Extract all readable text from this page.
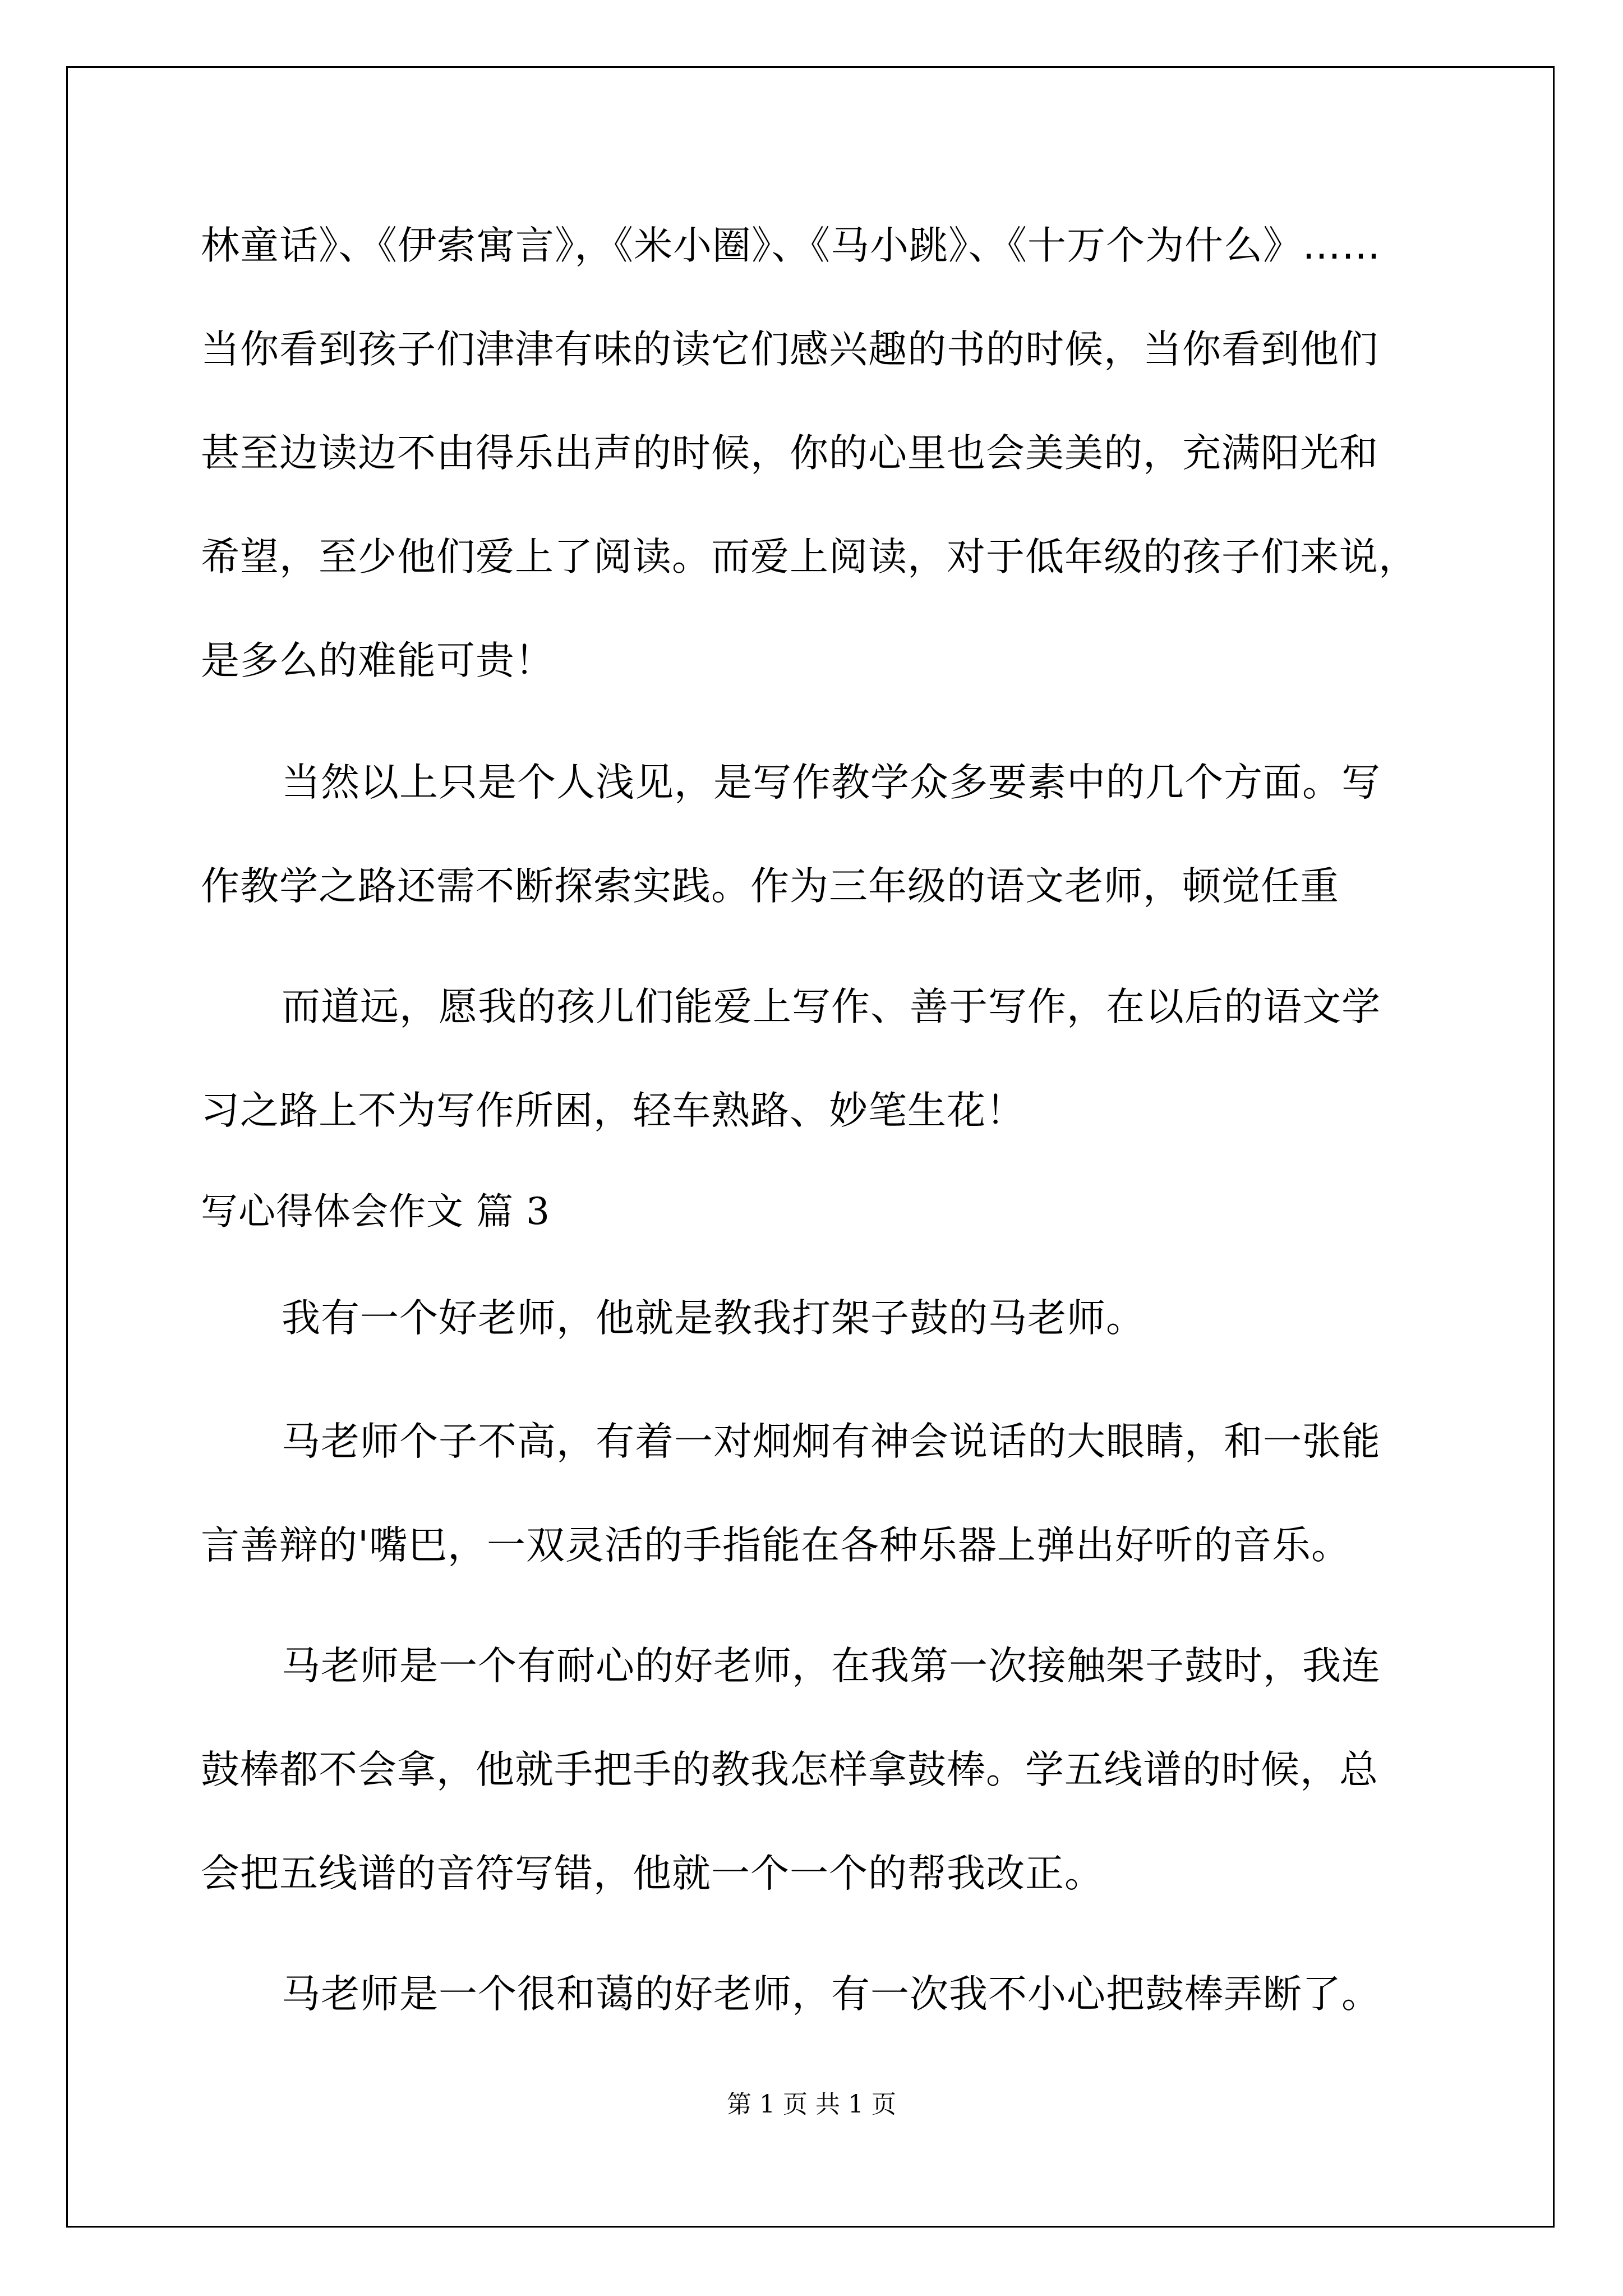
林童话》、《伊索寓言》，《米小圈》、《马小跳》、《十万个为什么》……
当你看到孩子们津津有味的读它们感兴趣的书的时候，当你看到他们
甚至边读边不由得乐出声的时候，你的心里也会美美的，充满阳光和
希望，至少他们爱上了阅读。而爱上阅读，对于低年级的孩子们来说，
是多么的难能可贵！
当然以上只是个人浅见，是写作教学众多要素中的几个方面。写
作教学之路还需不断探索实践。作为三年级的语文老师，顿觉任重
而道远，愿我的孩儿们能爱上写作、善于写作，在以后的语文学
习之路上不为写作所困，轻车熟路、妙笔生花！
写心得体会作文 篇 3
我有一个好老师，他就是教我打架子鼓的马老师。
马老师个子不高，有着一对炯炯有神会说话的大眼睛，和一张能
言善辩的'嘴巴，一双灵活的手指能在各种乐器上弹出好听的音乐。
马老师是一个有耐心的好老师，在我第一次接触架子鼓时，我连
鼓棒都不会拿，他就手把手的教我怎样拿鼓棒。学五线谱的时候，总
会把五线谱的音符写错，他就一个一个的帮我改正。
马老师是一个很和蔼的好老师，有一次我不小心把鼓棒弄断了。
第 1 页 共 1 页
